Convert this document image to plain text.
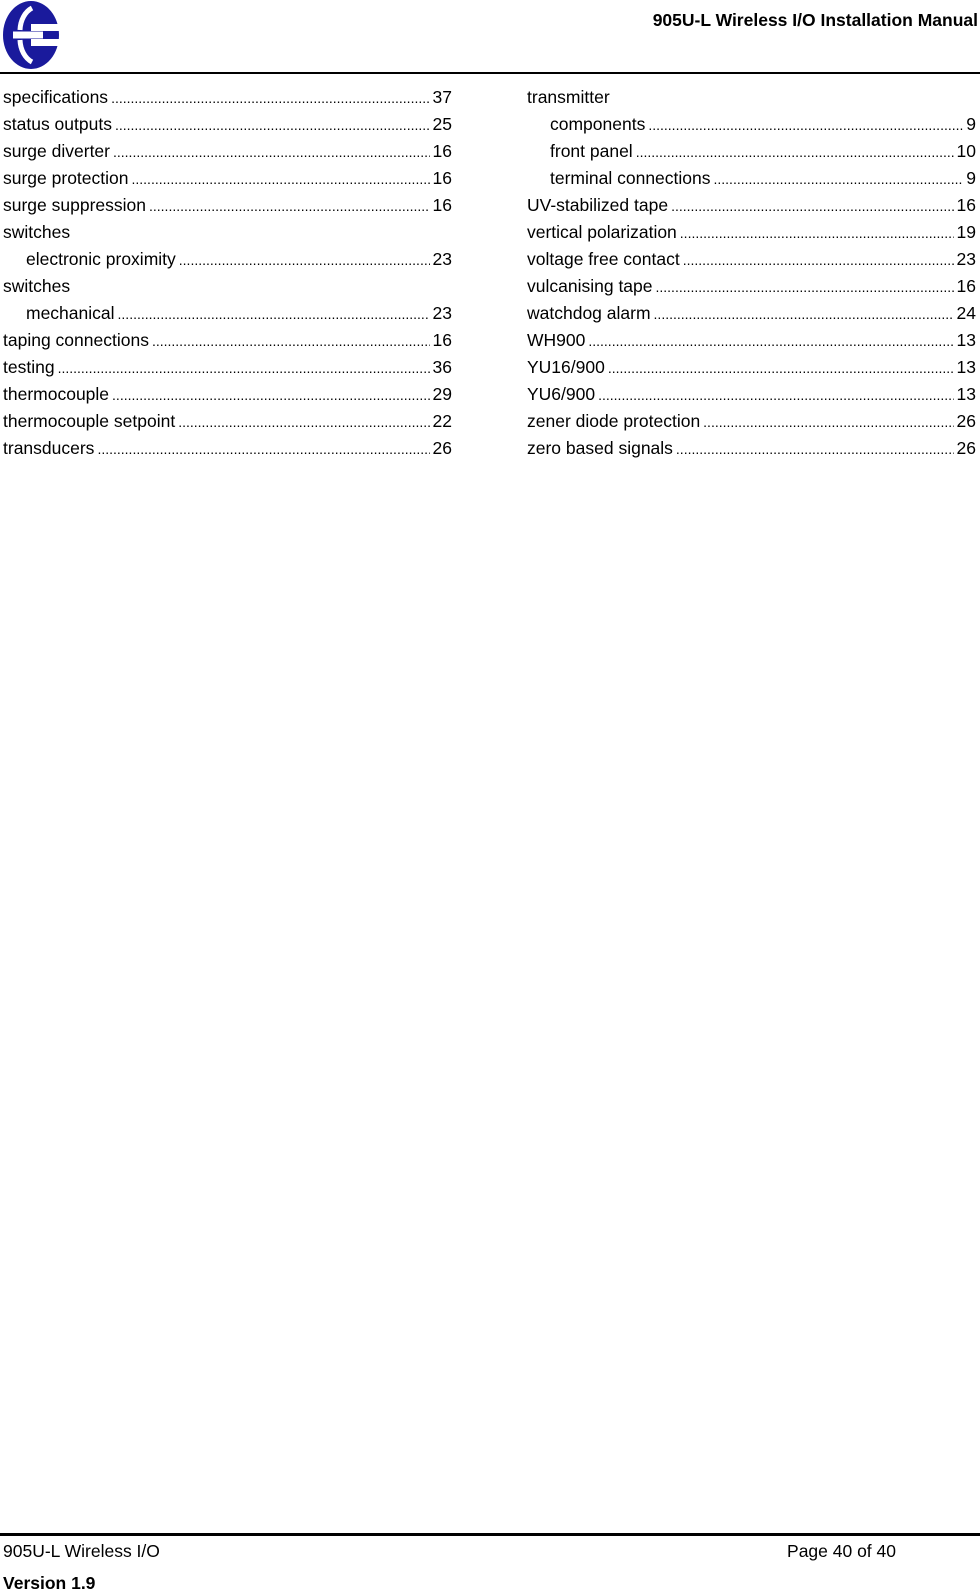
905U-L Wireless I/O Installation Manual
specifications .....	37
status outputs .....	25
surge diverter .....	16
surge protection .....	16
surge suppression .....	16
switches
electronic proximity .....	23
switches
mechanical .....	23
taping connections .....	16
testing .....	36
thermocouple .....	29
thermocouple setpoint .....	22
transducers .....	26
transmitter
components .....	9
front panel .....	10
terminal connections .....	9
UV-stabilized tape .....	16
vertical polarization .....	19
voltage free contact .....	23
vulcanising tape .....	16
watchdog alarm .....	24
WH900 .....	13
YU16/900 .....	13
YU6/900 .....	13
zener diode protection .....	26
zero based signals .....	26
905U-L Wireless I/O	Page 40 of 40
Version 1.9
